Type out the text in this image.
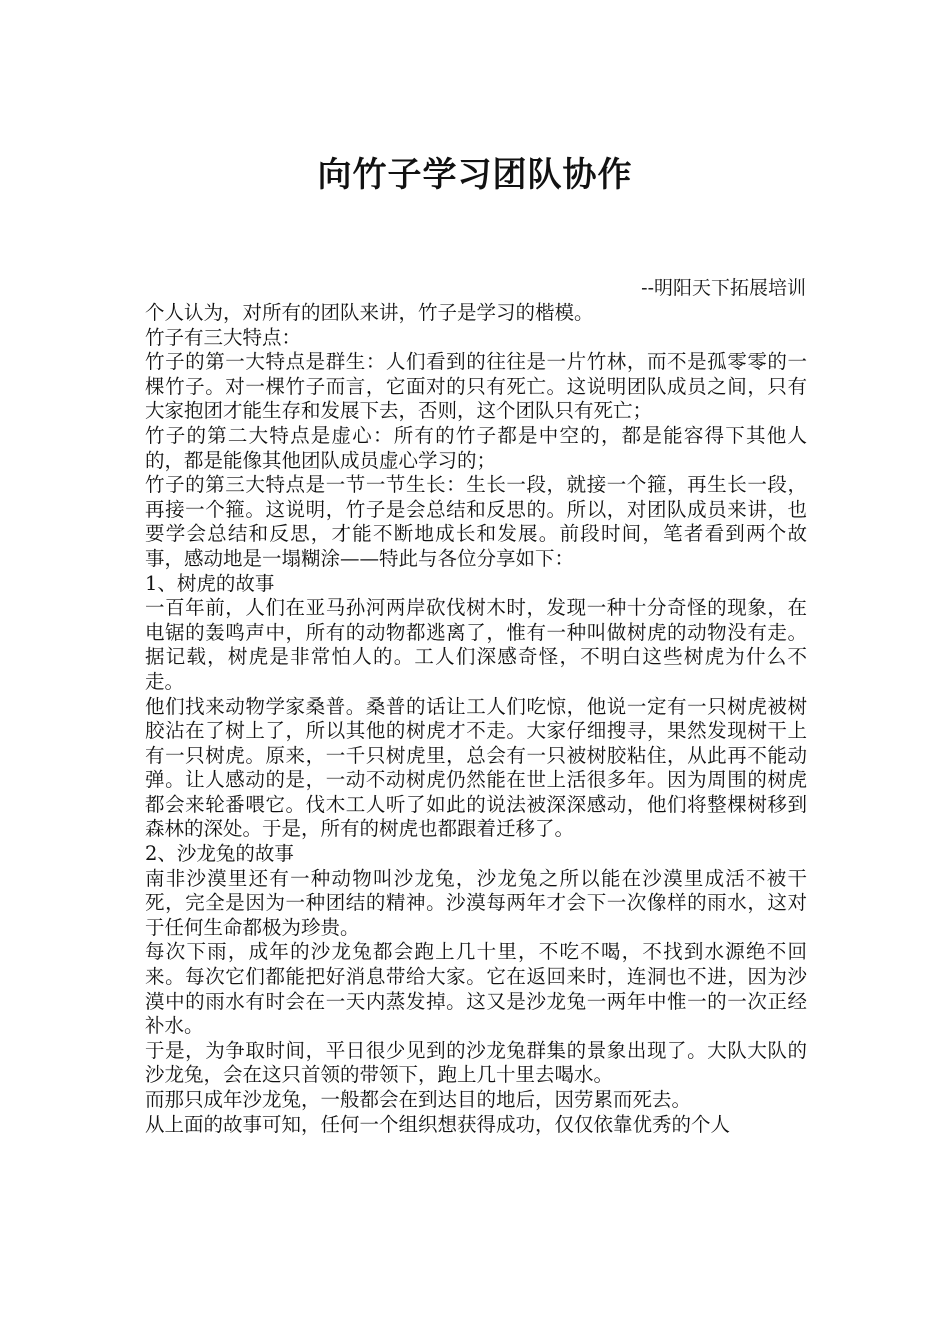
向竹子学习团队协作
--明阳天下拓展培训

个人认为，对所有的团队来讲，竹子是学习的楷模。

竹子有三大特点：

竹子的第一大特点是群生：人们看到的往往是一片竹林，而不是孤零零的一棵竹子。对一棵竹子而言，它面对的只有死亡。这说明团队成员之间，只有大家抱团才能生存和发展下去，否则，这个团队只有死亡；

竹子的第二大特点是虚心：所有的竹子都是中空的，都是能容得下其他人的，都是能像其他团队成员虚心学习的；

竹子的第三大特点是一节一节生长：生长一段，就接一个箍，再生长一段，再接一个箍。这说明，竹子是会总结和反思的。所以，对团队成员来讲，也要学会总结和反思，才能不断地成长和发展。前段时间，笔者看到两个故事，感动地是一塌糊涂——特此与各位分享如下：

1、树虎的故事

一百年前，人们在亚马孙河两岸砍伐树木时，发现一种十分奇怪的现象，在电锯的轰鸣声中，所有的动物都逃离了，惟有一种叫做树虎的动物没有走。据记载，树虎是非常怕人的。工人们深感奇怪，不明白这些树虎为什么不走。

他们找来动物学家桑普。桑普的话让工人们吃惊，他说一定有一只树虎被树胶沾在了树上了，所以其他的树虎才不走。大家仔细搜寻，果然发现树干上有一只树虎。原来，一千只树虎里，总会有一只被树胶粘住，从此再不能动弹。让人感动的是，一动不动树虎仍然能在世上活很多年。因为周围的树虎都会来轮番喂它。伐木工人听了如此的说法被深深感动，他们将整棵树移到森林的深处。于是，所有的树虎也都跟着迁移了。

2、沙龙兔的故事

南非沙漠里还有一种动物叫沙龙兔，沙龙兔之所以能在沙漠里成活不被干死，完全是因为一种团结的精神。沙漠每两年才会下一次像样的雨水，这对于任何生命都极为珍贵。

每次下雨，成年的沙龙兔都会跑上几十里，不吃不喝，不找到水源绝不回来。每次它们都能把好消息带给大家。它在返回来时，连洞也不进，因为沙漠中的雨水有时会在一天内蒸发掉。这又是沙龙兔一两年中惟一的一次正经补水。

于是，为争取时间，平日很少见到的沙龙兔群集的景象出现了。大队大队的沙龙兔，会在这只首领的带领下，跑上几十里去喝水。

而那只成年沙龙兔，一般都会在到达目的地后，因劳累而死去。

从上面的故事可知，任何一个组织想获得成功，仅仅依靠优秀的个人
